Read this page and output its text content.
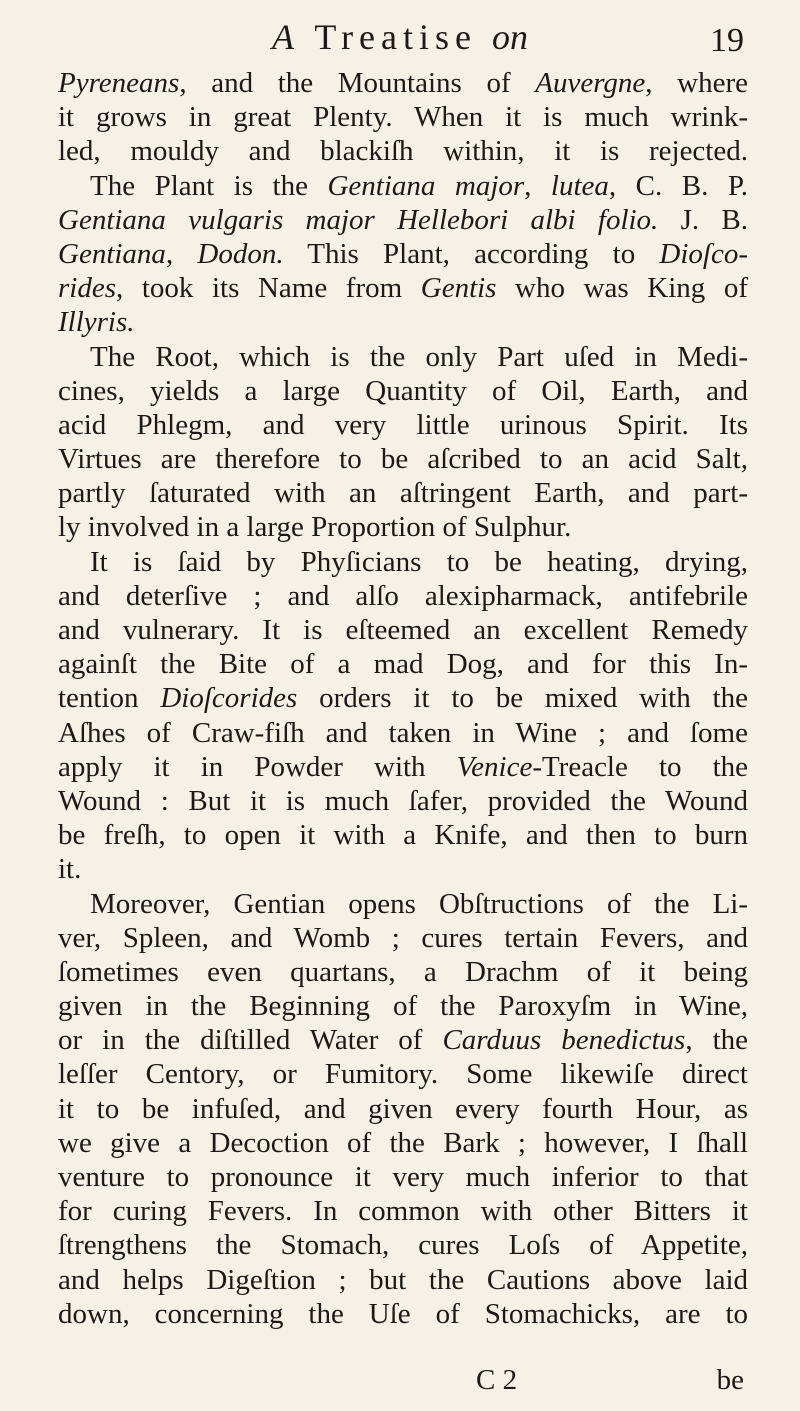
A Treatise on	19
Pyreneans, and the Mountains of Auvergne, where
it grows in great Plenty. When it is much wrink-
led, mouldy and blackiſh within, it is rejected.
The Plant is the Gentiana major, lutea, C. B. P.
Gentiana vulgaris major Hellebori albi folio. J. B.
Gentiana, Dodon. This Plant, according to Dioſco-
rides, took its Name from Gentis who was King of
Illyris.
The Root, which is the only Part uſed in Medi-
cines, yields a large Quantity of Oil, Earth, and
acid Phlegm, and very little urinous Spirit. Its
Virtues are therefore to be aſcribed to an acid Salt,
partly ſaturated with an aſtringent Earth, and part-
ly involved in a large Proportion of Sulphur.
It is ſaid by Phyſicians to be heating, drying,
and deterſive ; and alſo alexipharmack, antifebrile
and vulnerary. It is eſteemed an excellent Remedy
againſt the Bite of a mad Dog, and for this In-
tention Dioſcorides orders it to be mixed with the
Aſhes of Craw-fiſh and taken in Wine ; and ſome
apply it in Powder with Venice-Treacle to the
Wound : But it is much ſafer, provided the Wound
be freſh, to open it with a Knife, and then to burn
it.
Moreover, Gentian opens Obſtructions of the Li-
ver, Spleen, and Womb ; cures tertain Fevers, and
ſometimes even quartans, a Drachm of it being
given in the Beginning of the Paroxyſm in Wine,
or in the diſtilled Water of Carduus benedictus, the
leſſer Centory, or Fumitory. Some likewiſe direct
it to be infuſed, and given every fourth Hour, as
we give a Decoction of the Bark ; however, I ſhall
venture to pronounce it very much inferior to that
for curing Fevers. In common with other Bitters it
ſtrengthens the Stomach, cures Loſs of Appetite,
and helps Digeſtion ; but the Cautions above laid
down, concerning the Uſe of Stomachicks, are to
C 2	be
